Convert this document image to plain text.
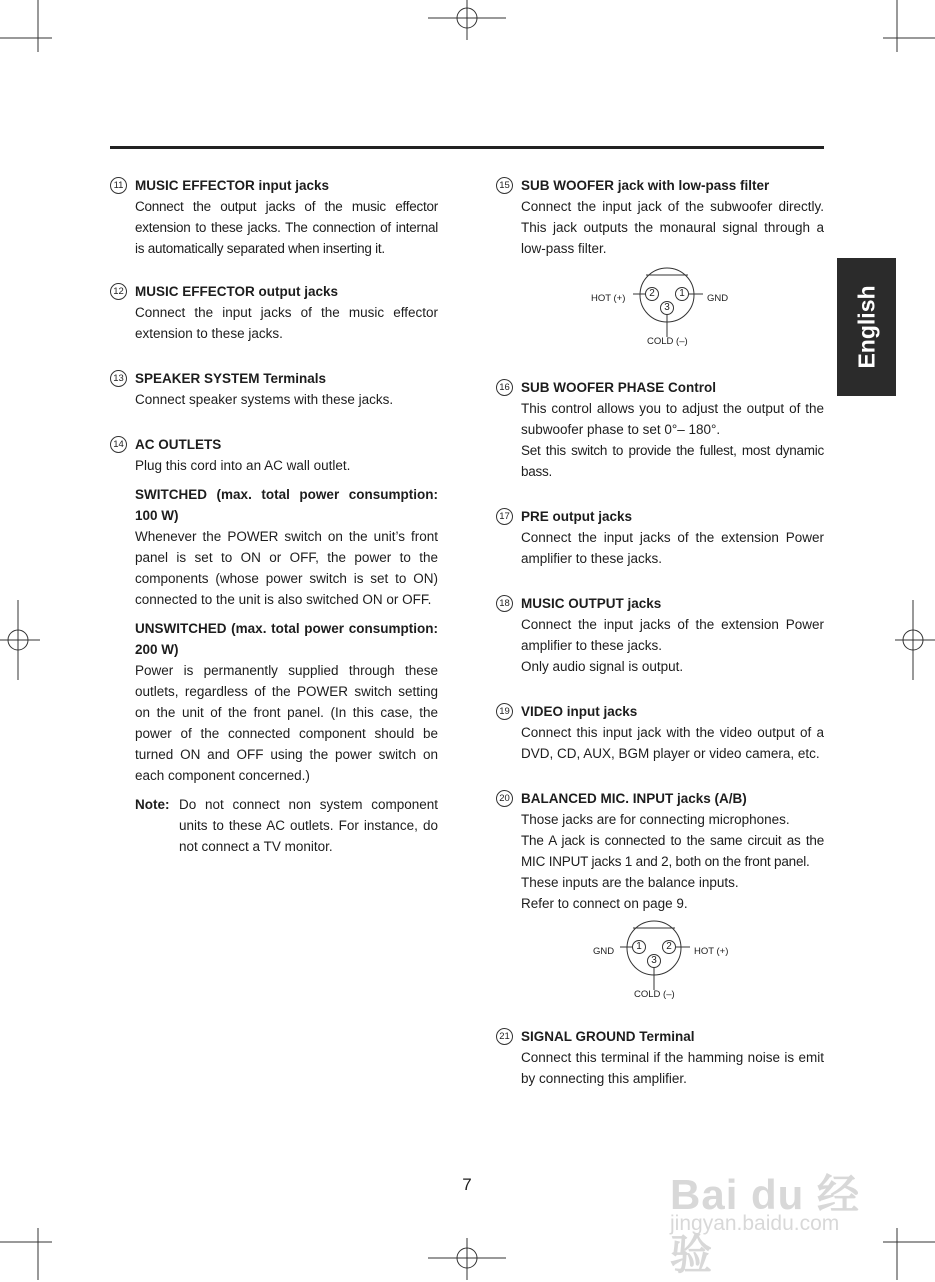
English
11 MUSIC EFFECTOR input jacks
Connect the output jacks of the music effector extension to these jacks. The connection of internal is automatically separated when inserting it.
12 MUSIC EFFECTOR output jacks
Connect the input jacks of the music effector extension to these jacks.
13 SPEAKER SYSTEM Terminals
Connect speaker systems with these jacks.
14 AC OUTLETS
Plug this cord into an AC wall outlet.
SWITCHED (max. total power consumption: 100 W)
Whenever the POWER switch on the unit’s front panel is set to ON or OFF, the power to the components (whose power switch is set to ON) connected to the unit is also switched ON or OFF.
UNSWITCHED (max. total power consumption: 200 W)
Power is permanently supplied through these outlets, regardless of the POWER switch setting on the unit of the front panel. (In this case, the power of the connected component should be turned ON and OFF using the power switch on each component concerned.)
Note: Do not connect non system component units to these AC outlets. For instance, do not connect a TV monitor.
15 SUB WOOFER jack with low-pass filter
Connect the input jack of the subwoofer directly. This jack outputs the monaural signal through a low-pass filter.
HOT (+)	GND
COLD (–)
2	1
3
16 SUB WOOFER PHASE Control
This control allows you to adjust the output of the subwoofer phase to set 0°– 180°.
Set this switch to provide the fullest, most dynamic bass.
17 PRE output jacks
Connect the input jacks of the extension Power amplifier to these jacks.
18 MUSIC OUTPUT jacks
Connect the input jacks of the extension Power amplifier to these jacks.
Only audio signal is output.
19 VIDEO input jacks
Connect this input jack with the video output of a DVD, CD, AUX, BGM player or video camera, etc.
20 BALANCED MIC. INPUT jacks (A/B)
Those jacks are for connecting microphones.
The A jack is connected to the same circuit as the MIC INPUT jacks 1 and 2, both on the front panel.
These inputs are the balance inputs.
Refer to connect on page 9.
GND	HOT (+)
COLD (–)
1	2
3
21 SIGNAL GROUND Terminal
Connect this terminal if the hamming noise is emit by connecting this amplifier.
7	Bai du 经验
jingyan.baidu.com
